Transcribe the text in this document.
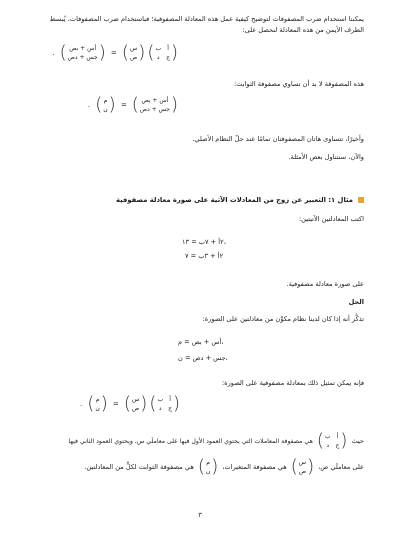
يمكننا استخدام ضرب المصفوفات لتوضيح كيفية عمل هذه المعادلة المصفوفية؛ فباستخدام ضرب المصفوفات، يُبسط
الطرف الأيمن من هذه المعادلة لنحصل على:
. ( أس + بص
جس + دص ) = ( س
ص )
( أ
ب
ج
د )
هذه المصفوفة لا بد أن تساوي مصفوفة الثوابت:
. ( م
ن ) = ( أس + بص
جس + دص )
وأخيرًا، تتساوى هاتان المصفوفتان تمامًا عند حلّ النظام الأصلي.
والآن، سنتناول بعض الأمثلة.
مثال ١: التعبير عن زوج من المعادلات الآتية على صورة معادلة مصفوفية
اكتب المعادلتين الآتيتين:
٢أ + ٧ب = ١٣،
٢أ + ٣ب = ٧
على صورة معادلة مصفوفية.
الحل
تذكَّر أنه إذا كان لدينا نظام مكوَّن من معادلتين على الصورة:
أس + بص = م،
جس + دص = ن،
فإنه يمكن تمثيل ذلك بمعادلة مصفوفية على الصورة:
. ( م
ن ) = ( س
ص )
( أ
ب
ج
د )
حيث
( أ
ب
ج
د )
هي مصفوفة المعاملات التي يحتوي العمود الأول فيها على معاملَي س، ويحتوي العمود الثاني فيها
على معاملَي ص،
( س
ص )
هي مصفوفة المتغيرات،
( م
ن )
هي مصفوفة الثوابت لكلٍّ من المعادلتين.
٣
